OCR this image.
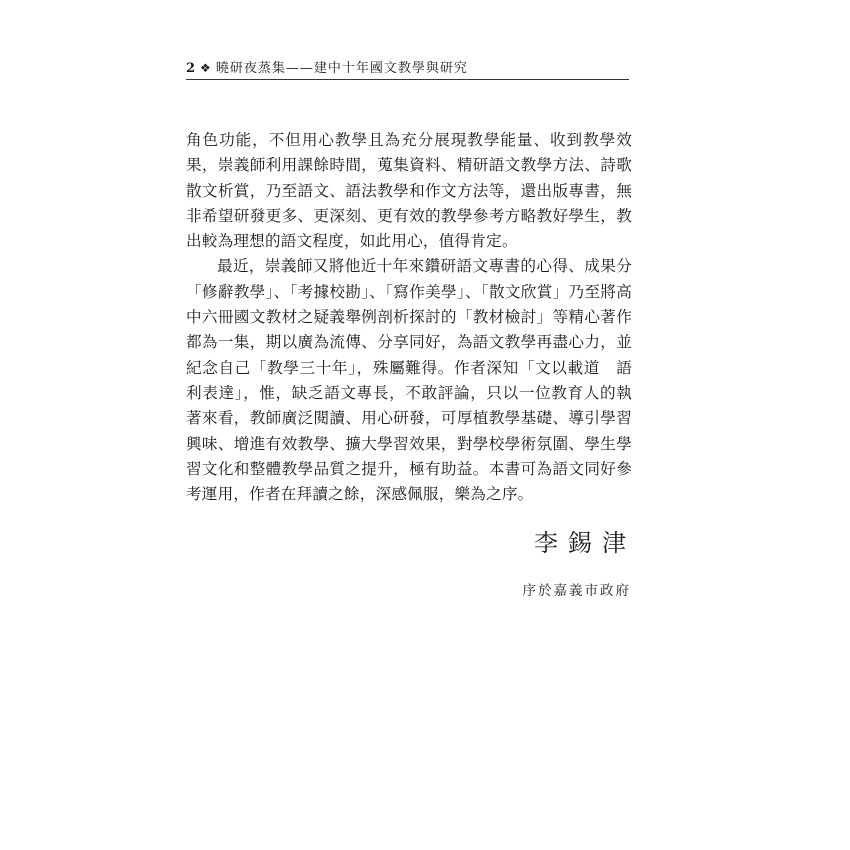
2 ❖ 曉研夜蒸集——建中十年國文教學與研究

角色功能，不但用心教學且為充分展現教學能量、收到教學效果，崇義師利用課餘時間，蒐集資料、精研語文教學方法、詩歌散文析賞，乃至語文、語法教學和作文方法等，還出版專書，無非希望研發更多、更深刻、更有效的教學參考方略教好學生，教出較為理想的語文程度，如此用心，值得肯定。

最近，崇義師又將他近十年來鑽研語文專書的心得、成果分「修辭教學」、「考據校勘」、「寫作美學」、「散文欣賞」乃至將高中六冊國文教材之疑義舉例剖析探討的「教材檢討」等精心著作都為一集，期以廣為流傳、分享同好，為語文教學再盡心力，並紀念自己「教學三十年」，殊屬難得。作者深知「文以載道　語利表達」，惟，缺乏語文專長，不敢評論，只以一位教育人的執著來看，教師廣泛閱讀、用心研發，可厚植教學基礎、導引學習興味、增進有效教學、擴大學習效果，對學校學術氛圍、學生學習文化和整體教學品質之提升，極有助益。本書可為語文同好參考運用，作者在拜讀之餘，深感佩服，樂為之序。

李錫津
序於嘉義市政府
